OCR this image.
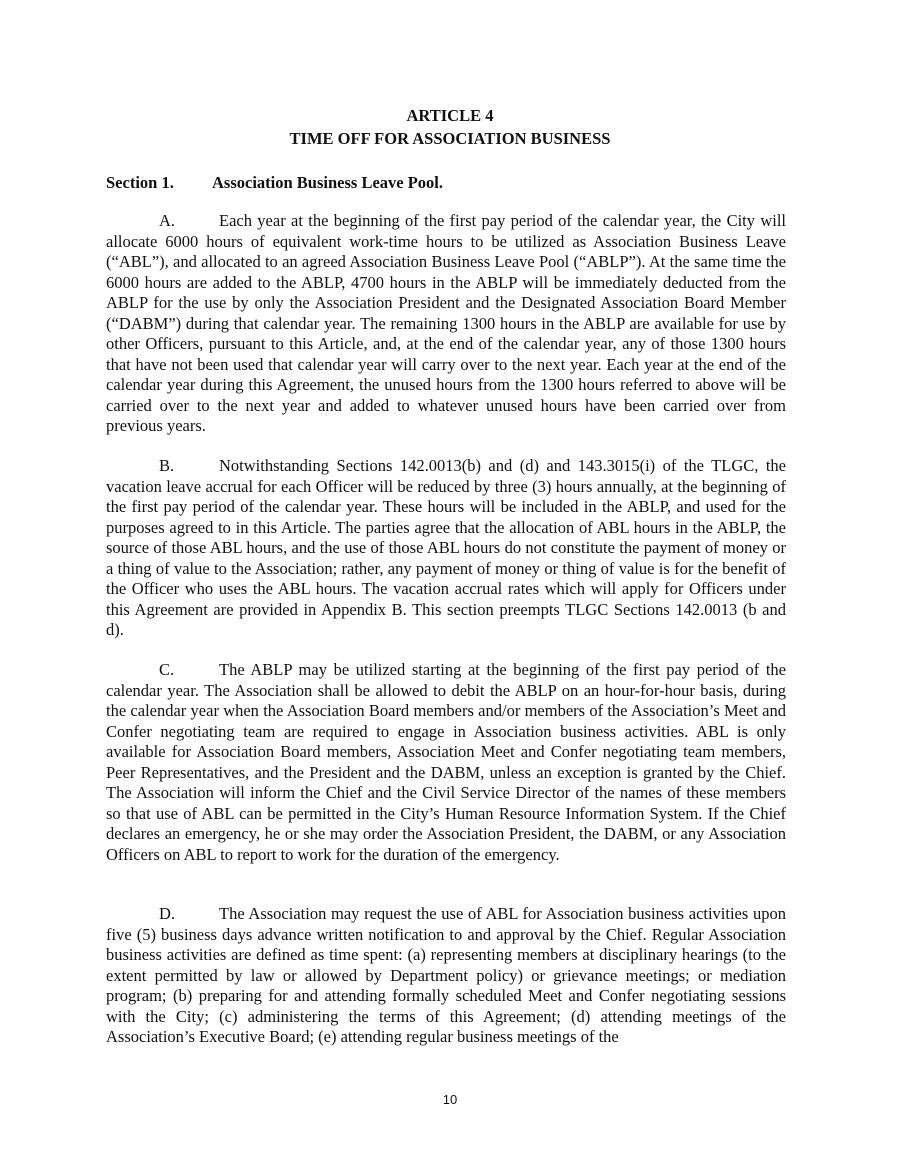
ARTICLE 4
TIME OFF FOR ASSOCIATION BUSINESS
Section 1. Association Business Leave Pool.

A.	Each year at the beginning of the first pay period of the calendar year, the City will allocate 6000 hours of equivalent work-time hours to be utilized as Association Business Leave (“ABL”), and allocated to an agreed Association Business Leave Pool (“ABLP”). At the same time the 6000 hours are added to the ABLP, 4700 hours in the ABLP will be immediately deducted from the ABLP for the use by only the Association President and the Designated Association Board Member (“DABM”) during that calendar year. The remaining 1300 hours in the ABLP are available for use by other Officers, pursuant to this Article, and, at the end of the calendar year, any of those 1300 hours that have not been used that calendar year will carry over to the next year. Each year at the end of the calendar year during this Agreement, the unused hours from the 1300 hours referred to above will be carried over to the next year and added to whatever unused hours have been carried over from previous years.

B.	Notwithstanding Sections 142.0013(b) and (d) and 143.3015(i) of the TLGC, the vacation leave accrual for each Officer will be reduced by three (3) hours annually, at the beginning of the first pay period of the calendar year. These hours will be included in the ABLP, and used for the purposes agreed to in this Article. The parties agree that the allocation of ABL hours in the ABLP, the source of those ABL hours, and the use of those ABL hours do not constitute the payment of money or a thing of value to the Association; rather, any payment of money or thing of value is for the benefit of the Officer who uses the ABL hours. The vacation accrual rates which will apply for Officers under this Agreement are provided in Appendix B. This section preempts TLGC Sections 142.0013 (b and d).

C.	The ABLP may be utilized starting at the beginning of the first pay period of the calendar year. The Association shall be allowed to debit the ABLP on an hour-for-hour basis, during the calendar year when the Association Board members and/or members of the Association’s Meet and Confer negotiating team are required to engage in Association business activities. ABL is only available for Association Board members, Association Meet and Confer negotiating team members, Peer Representatives, and the President and the DABM, unless an exception is granted by the Chief. The Association will inform the Chief and the Civil Service Director of the names of these members so that use of ABL can be permitted in the City’s Human Resource Information System. If the Chief declares an emergency, he or she may order the Association President, the DABM, or any Association Officers on ABL to report to work for the duration of the emergency.

D.	The Association may request the use of ABL for Association business activities upon five (5) business days advance written notification to and approval by the Chief. Regular Association business activities are defined as time spent: (a) representing members at disciplinary hearings (to the extent permitted by law or allowed by Department policy) or grievance meetings; or mediation program; (b) preparing for and attending formally scheduled Meet and Confer negotiating sessions with the City; (c) administering the terms of this Agreement; (d) attending meetings of the Association’s Executive Board; (e) attending regular business meetings of the

10
